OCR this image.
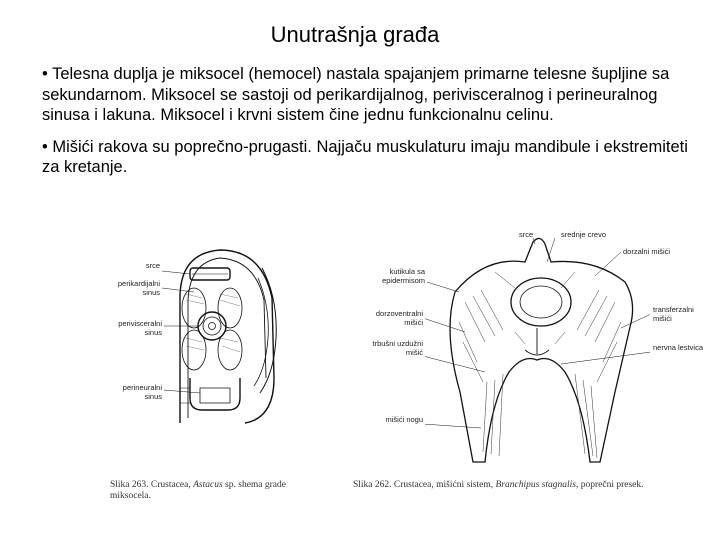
Unutrašnja građa

• Telesna duplja je miksocel (hemocel) nastala spajanjem primarne telesne šupljine sa sekundarnom. Miksocel se sastoji od perikardijalnog, perivisceralnog i perineuralnog sinusa i lakuna. Miksocel i krvni sistem čine jednu funkcionalnu celinu.

• Mišići rakova su poprečno-prugasti. Najjaču muskulaturu imaju mandibule i ekstremiteti za kretanje.

srce
perikardijalni sinus
perivisceralni sinus
perineuralni sinus
Slika 263. Crustacea, Astacus sp. shema grade miksocela.
srce	srednje crevo
dorzalni mišići
kutikula sa epidermisom
dorzoventralni mišići
transferzalni mišići
trbušni uzdužni mišić	nervna lestvica
mišići nogu
Slika 262. Crustacea, mišićni sistem, Branchipus stagnalis, poprečni presek.
